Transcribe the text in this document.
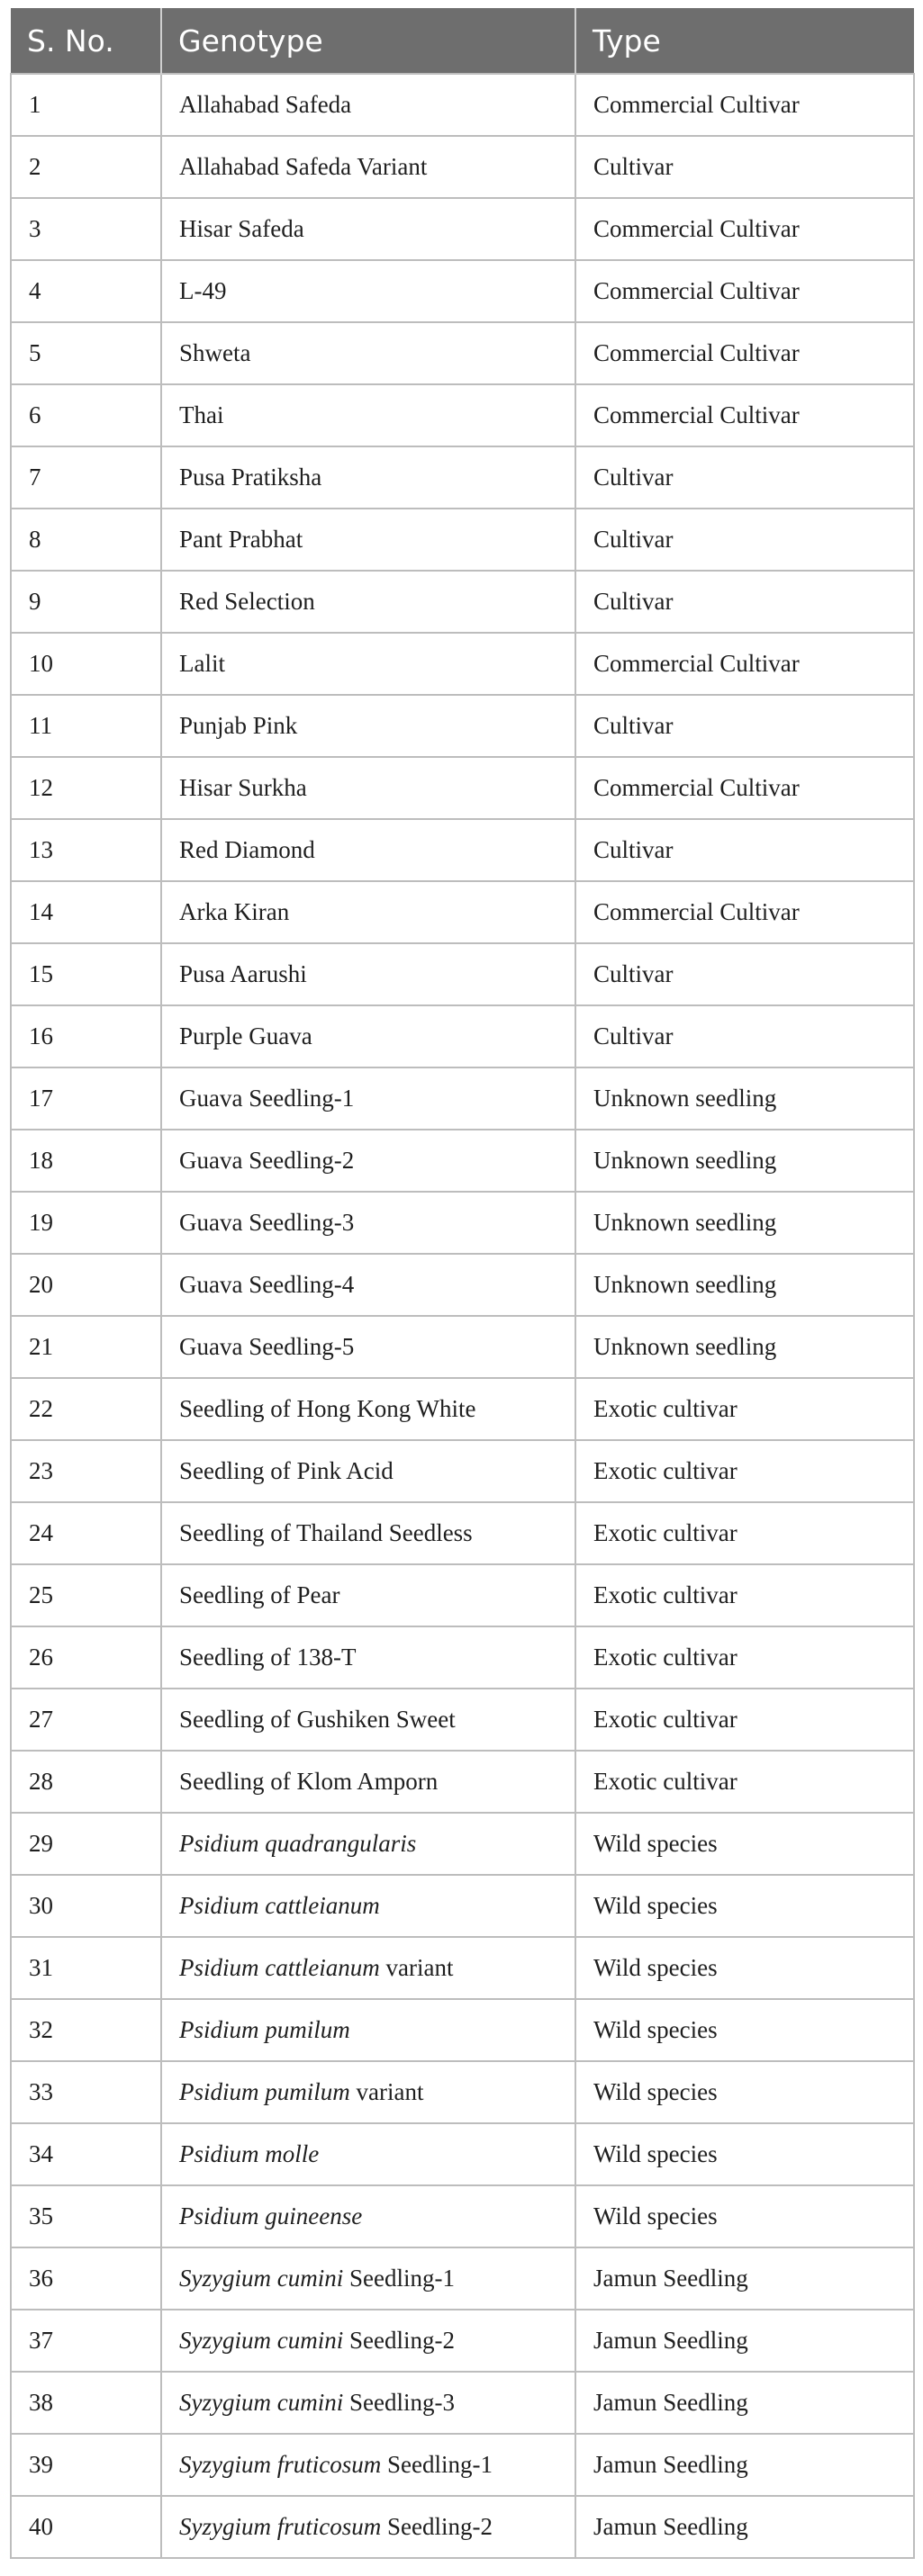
S. No.	Genotype	Type
1	Allahabad Safeda	Commercial Cultivar
2	Allahabad Safeda Variant	Cultivar
3	Hisar Safeda	Commercial Cultivar
4	L-49	Commercial Cultivar
5	Shweta	Commercial Cultivar
6	Thai	Commercial Cultivar
7	Pusa Pratiksha	Cultivar
8	Pant Prabhat	Cultivar
9	Red Selection	Cultivar
10	Lalit	Commercial Cultivar
11	Punjab Pink	Cultivar
12	Hisar Surkha	Commercial Cultivar
13	Red Diamond	Cultivar
14	Arka Kiran	Commercial Cultivar
15	Pusa Aarushi	Cultivar
16	Purple Guava	Cultivar
17	Guava Seedling-1	Unknown seedling
18	Guava Seedling-2	Unknown seedling
19	Guava Seedling-3	Unknown seedling
20	Guava Seedling-4	Unknown seedling
21	Guava Seedling-5	Unknown seedling
22	Seedling of Hong Kong White	Exotic cultivar
23	Seedling of Pink Acid	Exotic cultivar
24	Seedling of Thailand Seedless	Exotic cultivar
25	Seedling of Pear	Exotic cultivar
26	Seedling of 138-T	Exotic cultivar
27	Seedling of Gushiken Sweet	Exotic cultivar
28	Seedling of Klom Amporn	Exotic cultivar
29	Psidium quadrangularis	Wild species
30	Psidium cattleianum	Wild species
31	Psidium cattleianum variant	Wild species
32	Psidium pumilum	Wild species
33	Psidium pumilum variant	Wild species
34	Psidium molle	Wild species
35	Psidium guineense	Wild species
36	Syzygium cumini Seedling-1	Jamun Seedling
37	Syzygium cumini Seedling-2	Jamun Seedling
38	Syzygium cumini Seedling-3	Jamun Seedling
39	Syzygium fruticosum Seedling-1	Jamun Seedling
40	Syzygium fruticosum Seedling-2	Jamun Seedling
